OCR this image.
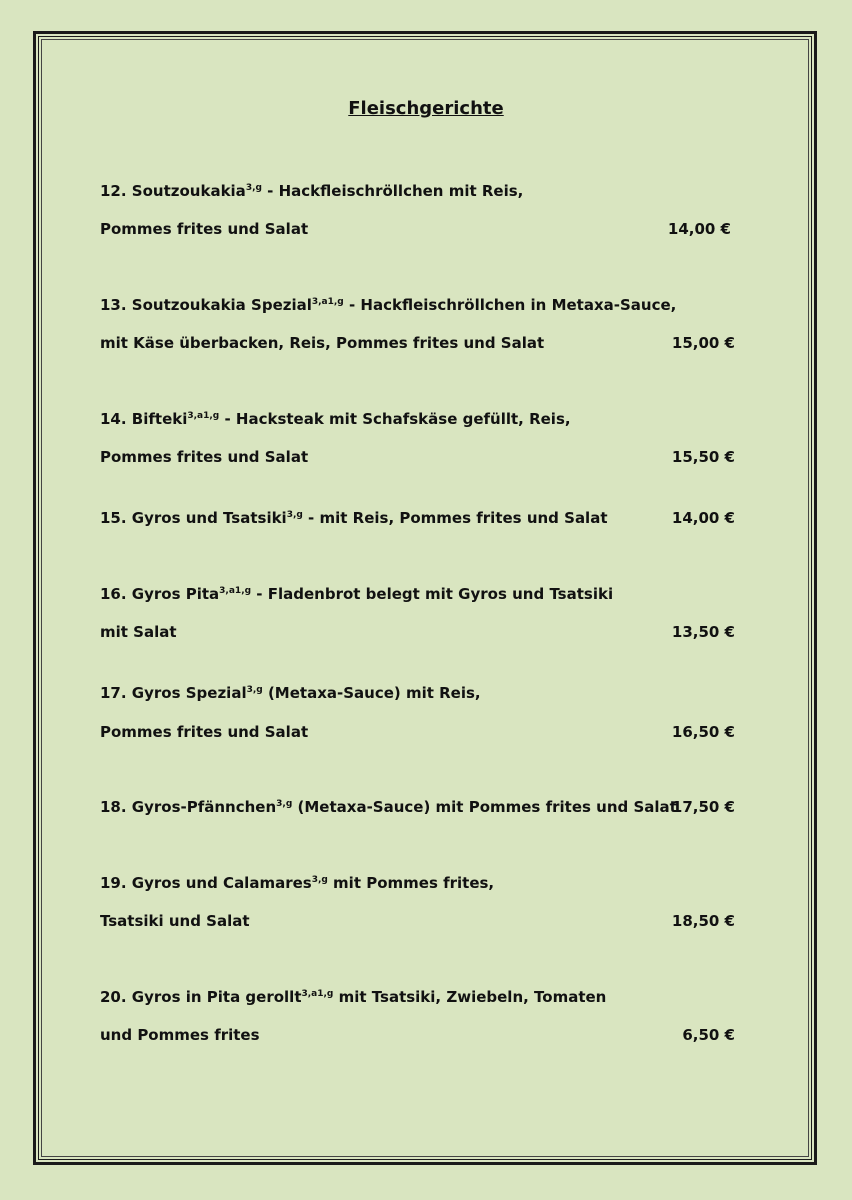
Fleischgerichte
12. Soutzoukakia$^{3,g}$ - Hackfleischröllchen mit Reis,
Pommes frites und Salat	14,00 €
13. Soutzoukakia Spezial$^{3,a1,g}$ - Hackfleischröllchen in Metaxa-Sauce,
mit Käse überbacken, Reis, Pommes frites und Salat	15,00 €
14. Bifteki$^{3,a1,g}$ - Hacksteak mit Schafskäse gefüllt, Reis,
Pommes frites und Salat	15,50 €
15. Gyros und Tsatsiki$^{3,g}$ - mit Reis, Pommes frites und Salat	14,00 €
16. Gyros Pita$^{3,a1,g}$ - Fladenbrot belegt mit Gyros und Tsatsiki
mit Salat	13,50 €
17. Gyros Spezial$^{3,g}$ (Metaxa-Sauce) mit Reis,
Pommes frites und Salat	16,50 €
18. Gyros-Pfännchen$^{3,g}$ (Metaxa-Sauce) mit Pommes frites und Salat
17,50 €
19. Gyros und Calamares$^{3,g}$ mit Pommes frites,
Tsatsiki und Salat	18,50 €
20. Gyros in Pita gerollt$^{3,a1,g}$ mit Tsatsiki, Zwiebeln, Tomaten
und Pommes frites	6,50 €
